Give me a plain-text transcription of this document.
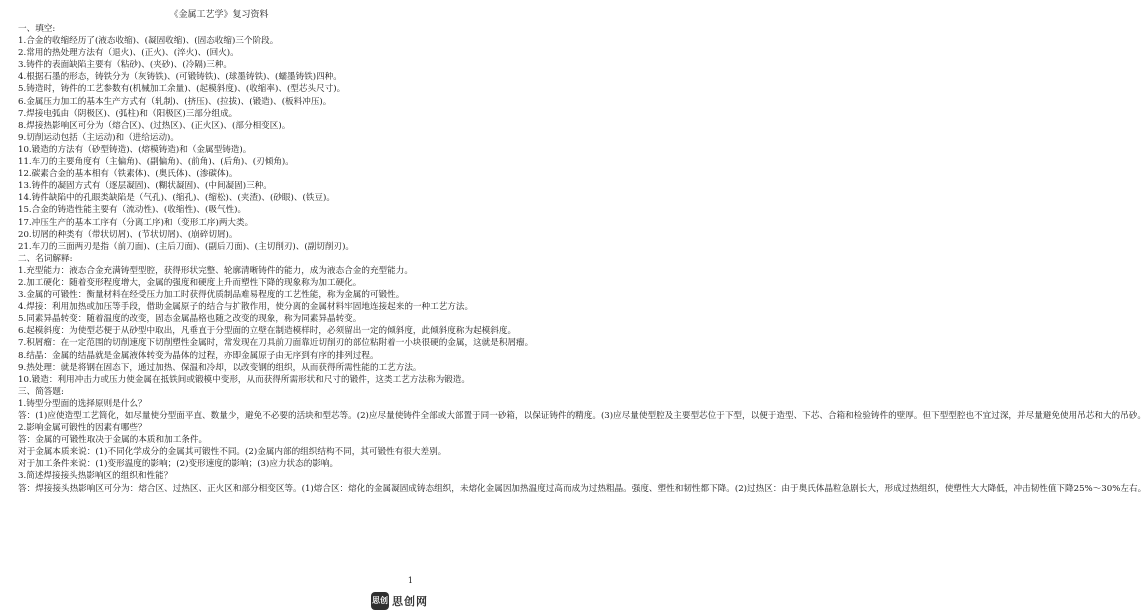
《金属工艺学》复习资料
一、填空:
1.合金的收缩经历了(液态收缩)、(凝固收缩)、(固态收缩)三个阶段。
2.常用的热处理方法有（退火)、(正火)、(淬火)、(回火)。
3.铸件的表面缺陷主要有（粘砂)、(夹砂)、(冷隔)三种。
4.根据石墨的形态，铸铁分为（灰铸铁)、(可锻铸铁)、(球墨铸铁)、(蠕墨铸铁)四种。
5.铸造时，铸件的工艺参数有(机械加工余量)、(起模斜度)、(收缩率)、(型芯头尺寸)。
6.金属压力加工的基本生产方式有（轧制)、(挤压)、(拉拔)、(锻造)、(板料冲压)。
7.焊接电弧由（阴极区)、(弧柱)和（阳极区)三部分组成。
8.焊接热影响区可分为（熔合区)、(过热区)、(正火区)、(部分相变区)。
9.切削运动包括（主运动)和（进给运动)。
10.锻造的方法有（砂型铸造)、(熔模铸造)和（金属型铸造)。
11.车刀的主要角度有（主偏角)、(副偏角)、(前角)、(后角)、(刃倾角)。
12.碳素合金的基本相有（铁素体)、(奥氏体)、(渗碳体)。
13.铸件的凝固方式有（逐层凝固)、(糊状凝固)、(中间凝固)三种。
14.铸件缺陷中的孔眼类缺陷是（气孔)、(缩孔)、(缩松)、(夹渣)、(砂眼)、(铁豆)。
15.合金的铸造性能主要有（流动性)、(收缩性)、(吸气性)。
17.冲压生产的基本工序有（分离工序)和（变形工序)两大类。
20.切屑的种类有（带状切屑)、(节状切屑)、(崩碎切屑)。
21.车刀的三面两刃是指（前刀面)、(主后刀面)、(副后刀面)、(主切削刃)、(副切削刃)。
二、名词解释:
1.充型能力：液态合金充满铸型型腔，获得形状完整、轮廓清晰铸件的能力，成为液态合金的充型能力。
2.加工硬化：随着变形程度增大，金属的强度和硬度上升而塑性下降的现象称为加工硬化。
3.金属的可锻性：衡量材料在经受压力加工时获得优质制品难易程度的工艺性能，称为金属的可锻性。
4.焊接：利用加热或加压等手段，借助金属原子的结合与扩散作用，使分离的金属材料牢固地连接起来的一种工艺方法。
5.同素异晶转变：随着温度的改变，固态金属晶格也随之改变的现象，称为同素异晶转变。
6.起模斜度：为使型芯便于从砂型中取出，凡垂直于分型面的立壁在制造模样时，必须留出一定的倾斜度，此倾斜度称为起模斜度。
7.积屑瘤：在一定范围的切削速度下切削塑性金属时，常发现在刀具前刀面靠近切削刃的部位粘附着一小块很硬的金属，这就是积屑瘤。
8.结晶：金属的结晶就是金属液体转变为晶体的过程，亦即金属原子由无序到有序的排列过程。
9.热处理：就是将钢在固态下，通过加热、保温和冷却，以改变钢的组织，从而获得所需性能的工艺方法。
10.锻造：利用冲击力或压力使金属在抵铁间或锻模中变形，从而获得所需形状和尺寸的锻件，这类工艺方法称为锻造。
三、简答题:
1.铸型分型面的选择原则是什么？
答：(1)应使造型工艺简化，如尽量使分型面平直、数量少，避免不必要的活块和型芯等。(2)应尽量使铸件全部或大部置于同一砂箱，以保证铸件的精度。(3)应尽量使型腔及主要型芯位于下型，以便于造型、下芯、合箱和检验铸件的壁厚。但下型型腔也不宜过深，并尽量避免使用吊芯和大的吊砂。
2.影响金属可锻性的因素有哪些？
答：金属的可锻性取决于金属的本质和加工条件。
对于金属本质来说：(1)不同化学成分的金属其可锻性不同。(2)金属内部的组织结构不同，其可锻性有很大差别。
对于加工条件来说：(1)变形温度的影响；(2)变形速度的影响；(3)应力状态的影响。
3.简述焊接接头热影响区的组织和性能？
答：焊接接头热影响区可分为：熔合区、过热区、正火区和部分相变区等。(1)熔合区：熔化的金属凝固成铸态组织，未熔化金属因加热温度过高而成为过热粗晶。强度、塑性和韧性都下降。(2)过热区：由于奥氏体晶粒急剧长大，形成过热组织，使塑性大大降低，冲击韧性值下降25%～30%左右。
1
思创 思创网
